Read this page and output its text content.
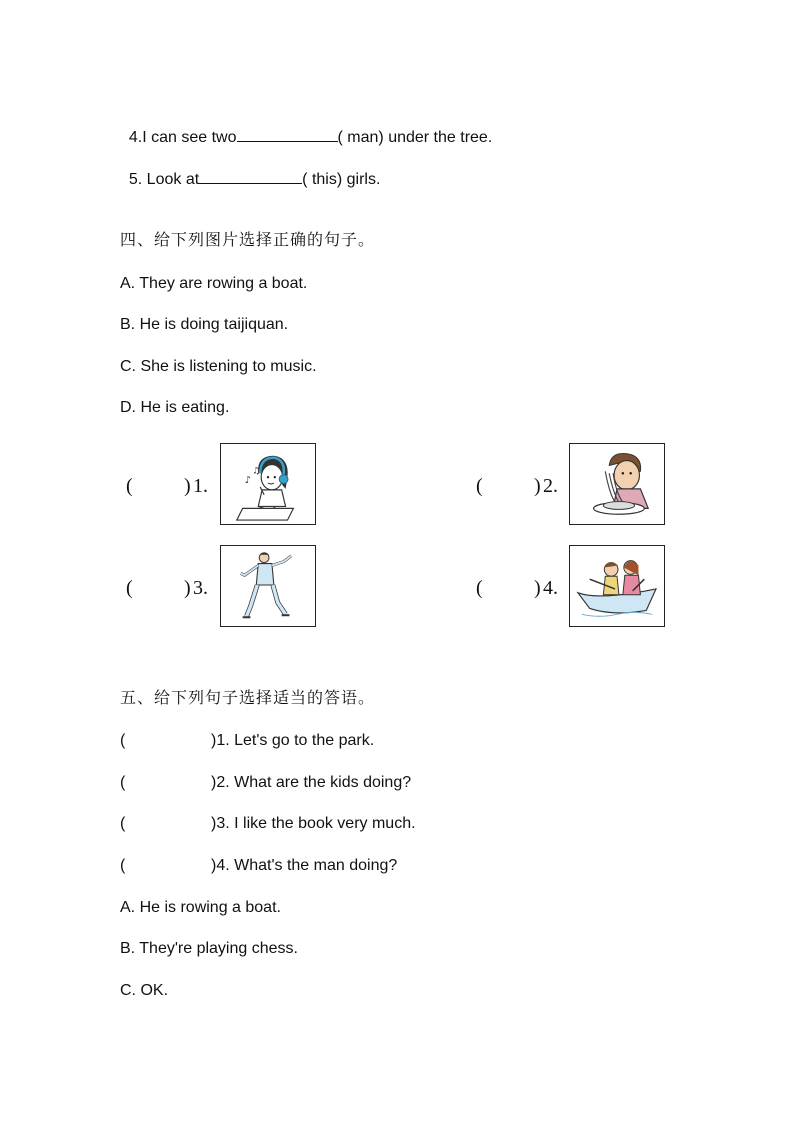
4.I can see two	( man) under the tree.

5. Look at	( this) girls.

四、给下列图片选择正确的句子。
A. They are rowing a boat.
B. He is doing taijiquan.
C. She is listening to music.
D. He is eating.
(	) 1.	♪
♫
(	) 2.
(	) 3.	(	) 4.
五、给下列句子选择适当的答语。
(	)1. Let's go to the park.
(	)2. What are the kids doing?
(	)3. I like the book very much.
(	)4. What's the man doing?
A. He is rowing a boat.
B. They're playing chess.
C. OK.
